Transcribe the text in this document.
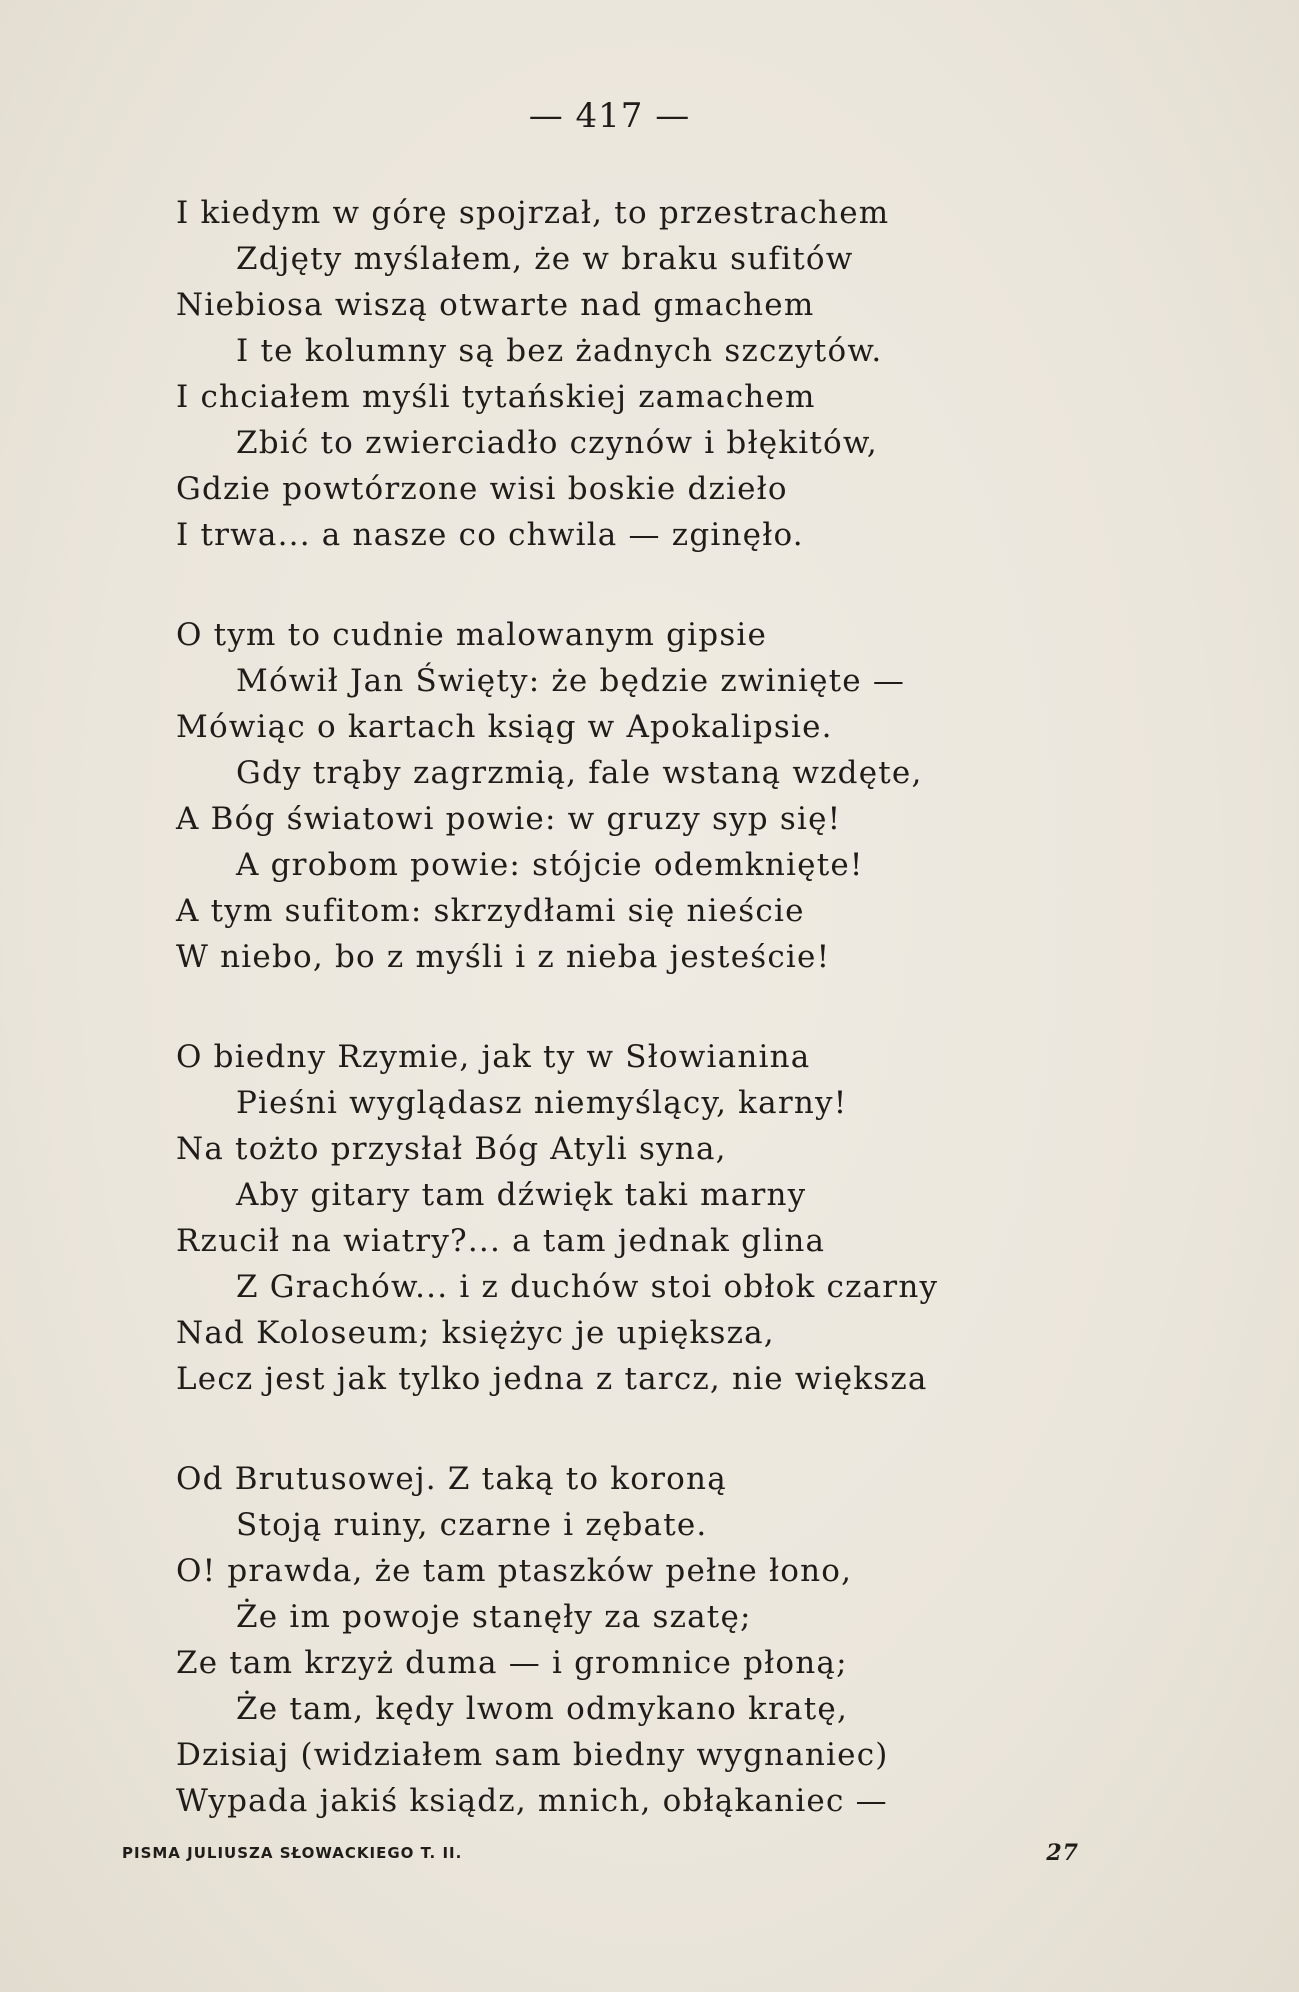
— 417 —
I kiedym w górę spojrzał, to przestrachem
Zdjęty myślałem, że w braku sufitów
Niebiosa wiszą otwarte nad gmachem
I te kolumny są bez żadnych szczytów.
I chciałem myśli tytańskiej zamachem
Zbić to zwierciadło czynów i błękitów,
Gdzie powtórzone wisi boskie dzieło
I trwa... a nasze co chwila — zginęło.
O tym to cudnie malowanym gipsie
Mówił Jan Święty: że będzie zwinięte —
Mówiąc o kartach ksiąg w Apokalipsie.
Gdy trąby zagrzmią, fale wstaną wzdęte,
A Bóg światowi powie: w gruzy syp się!
A grobom powie: stójcie odemknięte!
A tym sufitom: skrzydłami się nieście
W niebo, bo z myśli i z nieba jesteście!
O biedny Rzymie, jak ty w Słowianina
Pieśni wyglądasz niemyślący, karny!
Na tożto przysłał Bóg Atyli syna,
Aby gitary tam dźwięk taki marny
Rzucił na wiatry?... a tam jednak glina
Z Grachów... i z duchów stoi obłok czarny
Nad Koloseum; księżyc je upiększa,
Lecz jest jak tylko jedna z tarcz, nie większa
Od Brutusowej. Z taką to koroną
Stoją ruiny, czarne i zębate.
O! prawda, że tam ptaszków pełne łono,
Że im powoje stanęły za szatę;
Ze tam krzyż duma — i gromnice płoną;
Że tam, kędy lwom odmykano kratę,
Dzisiaj (widziałem sam biedny wygnaniec)
Wypada jakiś ksiądz, mnich, obłąkaniec —
PISMA JULIUSZA SŁOWACKIEGO T. II.	27
